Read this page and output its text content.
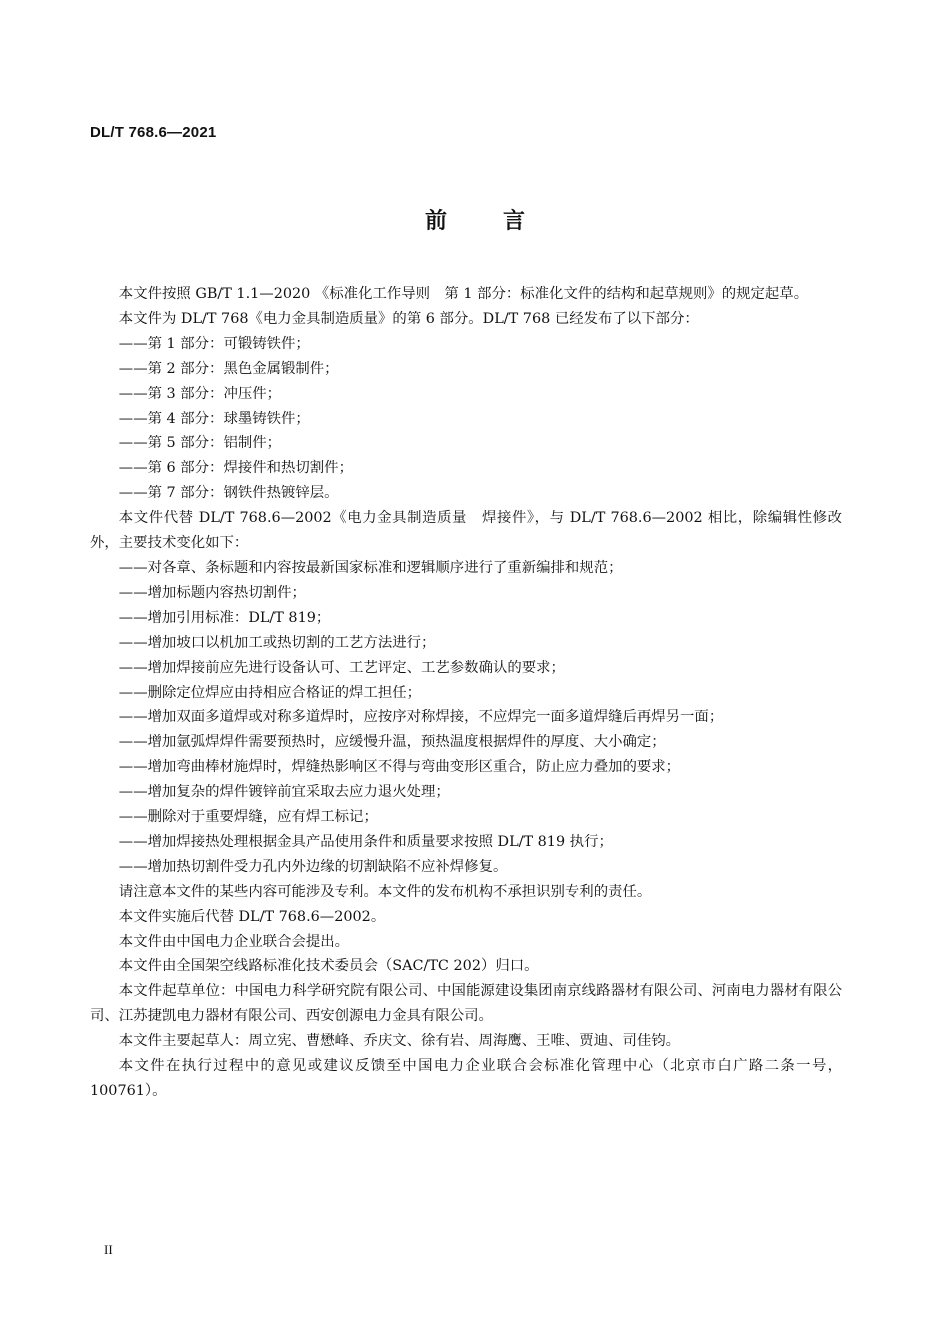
DL/T 768.6—2021
前言

本文件按照 GB/T 1.1—2020 《标准化工作导则　第 1 部分：标准化文件的结构和起草规则》的规定起草。

本文件为 DL/T 768《电力金具制造质量》的第 6 部分。DL/T 768 已经发布了以下部分：

——第 1 部分：可锻铸铁件；

——第 2 部分：黑色金属锻制件；

——第 3 部分：冲压件；

——第 4 部分：球墨铸铁件；

——第 5 部分：铝制件；

——第 6 部分：焊接件和热切割件；

——第 7 部分：钢铁件热镀锌层。

本文件代替 DL/T 768.6—2002《电力金具制造质量　焊接件》，与 DL/T 768.6—2002 相比，除编辑性修改外，主要技术变化如下：

——对各章、条标题和内容按最新国家标准和逻辑顺序进行了重新编排和规范；

——增加标题内容热切割件；

——增加引用标准：DL/T 819；

——增加坡口以机加工或热切割的工艺方法进行；

——增加焊接前应先进行设备认可、工艺评定、工艺参数确认的要求；

——删除定位焊应由持相应合格证的焊工担任；

——增加双面多道焊或对称多道焊时，应按序对称焊接，不应焊完一面多道焊缝后再焊另一面；

——增加氩弧焊焊件需要预热时，应缓慢升温，预热温度根据焊件的厚度、大小确定；

——增加弯曲棒材施焊时，焊缝热影响区不得与弯曲变形区重合，防止应力叠加的要求；

——增加复杂的焊件镀锌前宜采取去应力退火处理；

——删除对于重要焊缝，应有焊工标记；

——增加焊接热处理根据金具产品使用条件和质量要求按照 DL/T 819 执行；

——增加热切割件受力孔内外边缘的切割缺陷不应补焊修复。

请注意本文件的某些内容可能涉及专利。本文件的发布机构不承担识别专利的责任。

本文件实施后代替 DL/T 768.6—2002。

本文件由中国电力企业联合会提出。

本文件由全国架空线路标准化技术委员会（SAC/TC 202）归口。

本文件起草单位：中国电力科学研究院有限公司、中国能源建设集团南京线路器材有限公司、河南电力器材有限公司、江苏捷凯电力器材有限公司、西安创源电力金具有限公司。

本文件主要起草人：周立宪、曹懋峰、乔庆文、徐有岩、周海鹰、王唯、贾迪、司佳钧。

本文件在执行过程中的意见或建议反馈至中国电力企业联合会标准化管理中心（北京市白广路二条一号，100761）。

II
